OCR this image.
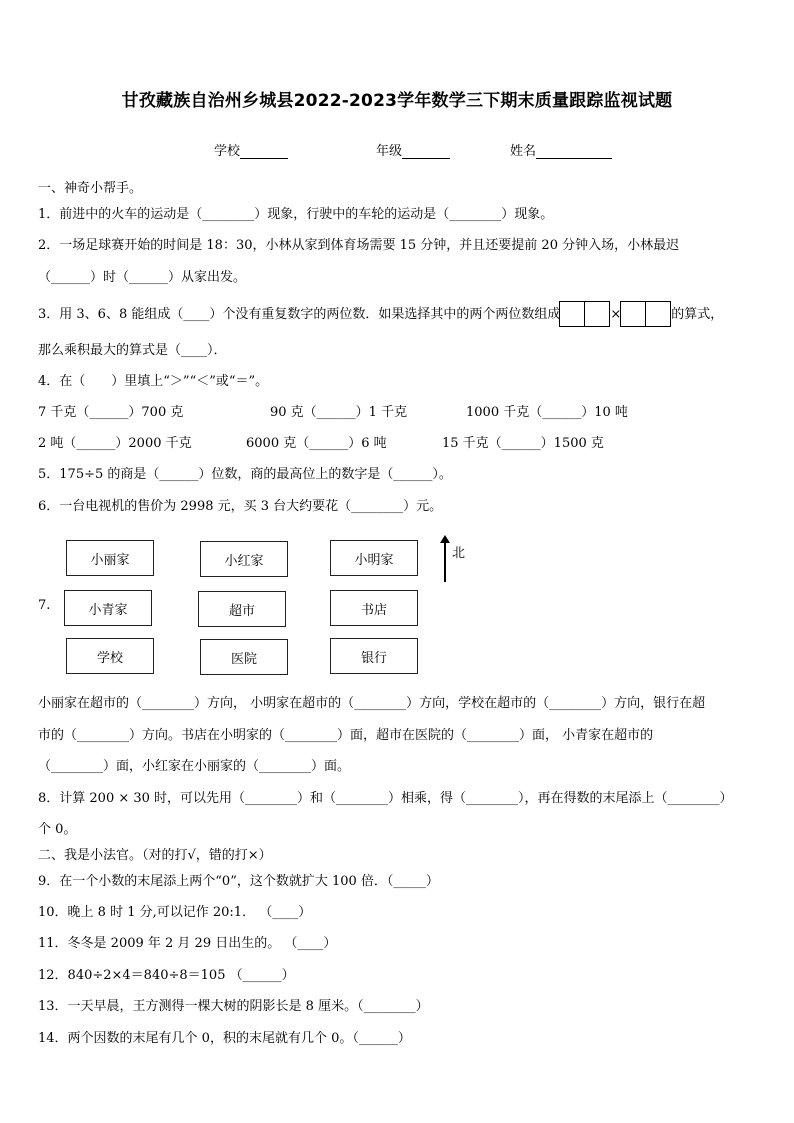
甘孜藏族自治州乡城县2022-2023学年数学三下期末质量跟踪监视试题
学校	年级	姓名
一、神奇小帮手。
1．前进中的火车的运动是（________）现象，行驶中的车轮的运动是（________）现象。
2．一场足球赛开始的时间是 18：30，小林从家到体育场需要 15 分钟，并且还要提前 20 分钟入场，小林最迟
（______）时（______）从家出发。
3．用 3、6、8 能组成（____）个没有重复数字的两位数．如果选择其中的两个两位数组成	×	的算式，
那么乘积最大的算式是（____）．
4．在（　　）里填上“＞”“＜”或“＝”。
7 千克（______）700 克	90 克（______）1 千克	1000 千克（______）10 吨
2 吨（______）2000 千克	6000 克（______）6 吨	15 千克（______）1500 克
5．175÷5 的商是（______）位数，商的最高位上的数字是（______）。
6．一台电视机的售价为 2998 元，买 3 台大约要花（________）元。
7.
小丽家	小红家	小明家
小青家	超市	书店
学校	医院	银行
北
小丽家在超市的（________）方向， 小明家在超市的（________）方向，学校在超市的（________）方向，银行在超
市的（________）方向。书店在小明家的（________）面，超市在医院的（________）面， 小青家在超市的
（________）面，小红家在小丽家的（________）面。
8．计算 200 × 30 时，可以先用（________）和（________）相乘，得（________），再在得数的末尾添上（________）
个 0。
二、我是小法官。（对的打√，错的打×）
9．在一个小数的末尾添上两个“0”，这个数就扩大 100 倍．（_____）
10．晚上 8 时 1 分,可以记作 20:1． （____）
11．冬冬是 2009 年 2 月 29 日出生的。 （____）
12．840÷2×4＝840÷8＝105 （______）
13．一天早晨，王方测得一棵大树的阴影长是 8 厘米。（________）
14．两个因数的末尾有几个 0，积的末尾就有几个 0。（______）
